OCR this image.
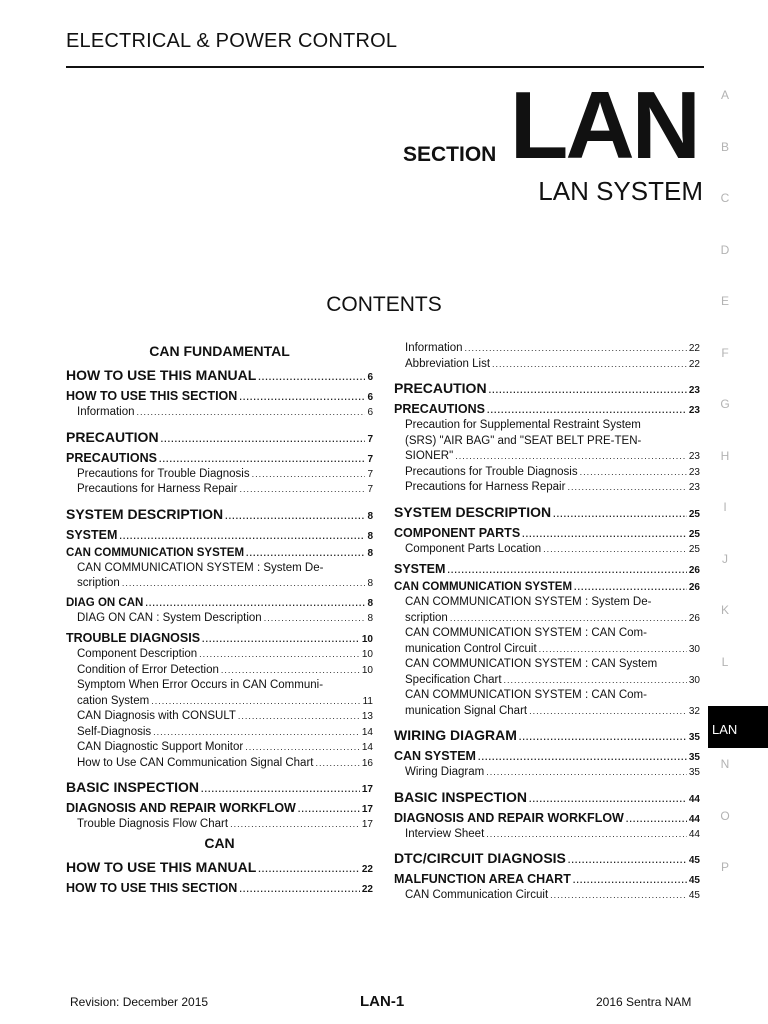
ELECTRICAL & POWER CONTROL
SECTION LAN
LAN SYSTEM
CONTENTS
A
B
C
D
E
F
G
H
I
J
K
L
LAN
N
O
P
CAN FUNDAMENTAL
HOW TO USE THIS MANUAL .....	6
HOW TO USE THIS SECTION .....	6
Information .....	6
PRECAUTION .....	7
PRECAUTIONS .....	7
Precautions for Trouble Diagnosis .....	7
Precautions for Harness Repair .....	7
SYSTEM DESCRIPTION .....	8
SYSTEM .....	8
CAN COMMUNICATION SYSTEM .....	8
CAN COMMUNICATION SYSTEM : System De-
scription .....	8
DIAG ON CAN .....	8
DIAG ON CAN : System Description .....	8
TROUBLE DIAGNOSIS .....	10
Component Description .....	10
Condition of Error Detection .....	10
Symptom When Error Occurs in CAN Communi-
cation System .....	11
CAN Diagnosis with CONSULT .....	13
Self-Diagnosis .....	14
CAN Diagnostic Support Monitor .....	14
How to Use CAN Communication Signal Chart .....	16
BASIC INSPECTION .....	17
DIAGNOSIS AND REPAIR WORKFLOW .....	17
Trouble Diagnosis Flow Chart .....	17
CAN
HOW TO USE THIS MANUAL .....	22
HOW TO USE THIS SECTION .....	22
Information .....	22
Abbreviation List .....	22
PRECAUTION .....	23
PRECAUTIONS .....	23
Precaution for Supplemental Restraint System
(SRS) "AIR BAG" and "SEAT BELT PRE-TEN-
SIONER" .....	23
Precautions for Trouble Diagnosis .....	23
Precautions for Harness Repair .....	23
SYSTEM DESCRIPTION .....	25
COMPONENT PARTS .....	25
Component Parts Location .....	25
SYSTEM .....	26
CAN COMMUNICATION SYSTEM .....	26
CAN COMMUNICATION SYSTEM : System De-
scription .....	26
CAN COMMUNICATION SYSTEM : CAN Com-
munication Control Circuit .....	30
CAN COMMUNICATION SYSTEM : CAN System
Specification Chart .....	30
CAN COMMUNICATION SYSTEM : CAN Com-
munication Signal Chart .....	32
WIRING DIAGRAM .....	35
CAN SYSTEM .....	35
Wiring Diagram .....	35
BASIC INSPECTION .....	44
DIAGNOSIS AND REPAIR WORKFLOW .....	44
Interview Sheet .....	44
DTC/CIRCUIT DIAGNOSIS .....	45
MALFUNCTION AREA CHART .....	45
CAN Communication Circuit .....	45
Revision: December 2015	LAN-1	2016 Sentra NAM
